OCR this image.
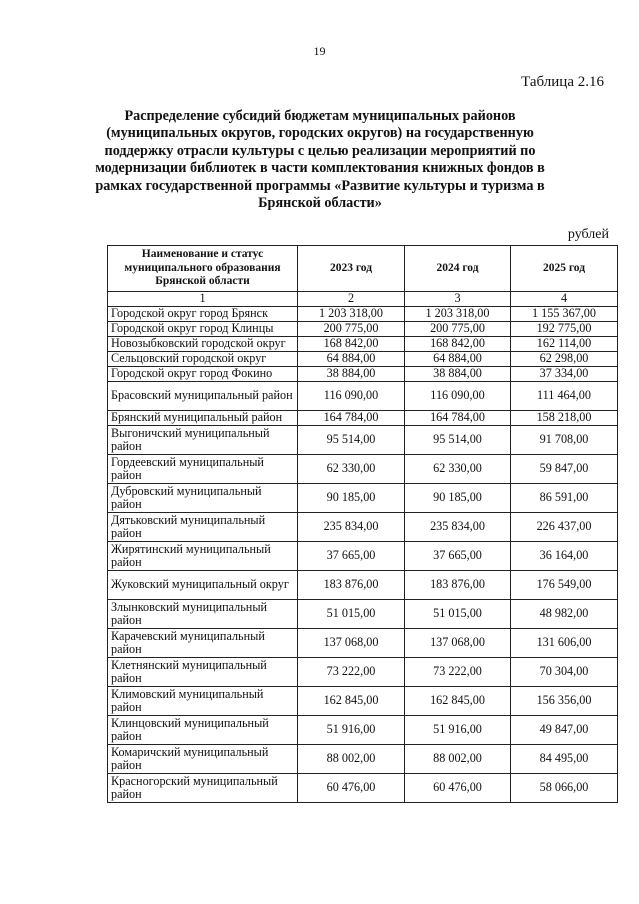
19
Таблица 2.16
Распределение субсидий бюджетам муниципальных районов (муниципальных округов, городских округов) на государственную поддержку отрасли культуры с целью реализации мероприятий по модернизации библиотек в части комплектования книжных фондов в рамках государственной программы «Развитие культуры и туризма в Брянской области»
рублей
Наименование и статус муниципального образования Брянской области	2023 год	2024 год	2025 год
1	2	3	4
Городской округ город Брянск	1 203 318,00	1 203 318,00	1 155 367,00
Городской округ город Клинцы	200 775,00	200 775,00	192 775,00
Новозыбковский городской округ	168 842,00	168 842,00	162 114,00
Сельцовский городской округ	64 884,00	64 884,00	62 298,00
Городской округ город Фокино	38 884,00	38 884,00	37 334,00
Брасовский муниципальный район	116 090,00	116 090,00	111 464,00
Брянский муниципальный район	164 784,00	164 784,00	158 218,00
Выгоничский муниципальный район	95 514,00	95 514,00	91 708,00
Гордеевский муниципальный район	62 330,00	62 330,00	59 847,00
Дубровский муниципальный район	90 185,00	90 185,00	86 591,00
Дятьковский муниципальный район	235 834,00	235 834,00	226 437,00
Жирятинский муниципальный район	37 665,00	37 665,00	36 164,00
Жуковский муниципальный округ	183 876,00	183 876,00	176 549,00
Злынковский муниципальный район	51 015,00	51 015,00	48 982,00
Карачевский муниципальный район	137 068,00	137 068,00	131 606,00
Клетнянский муниципальный район	73 222,00	73 222,00	70 304,00
Климовский муниципальный район	162 845,00	162 845,00	156 356,00
Клинцовский муниципальный район	51 916,00	51 916,00	49 847,00
Комаричский муниципальный район	88 002,00	88 002,00	84 495,00
Красногорский муниципальный район	60 476,00	60 476,00	58 066,00
